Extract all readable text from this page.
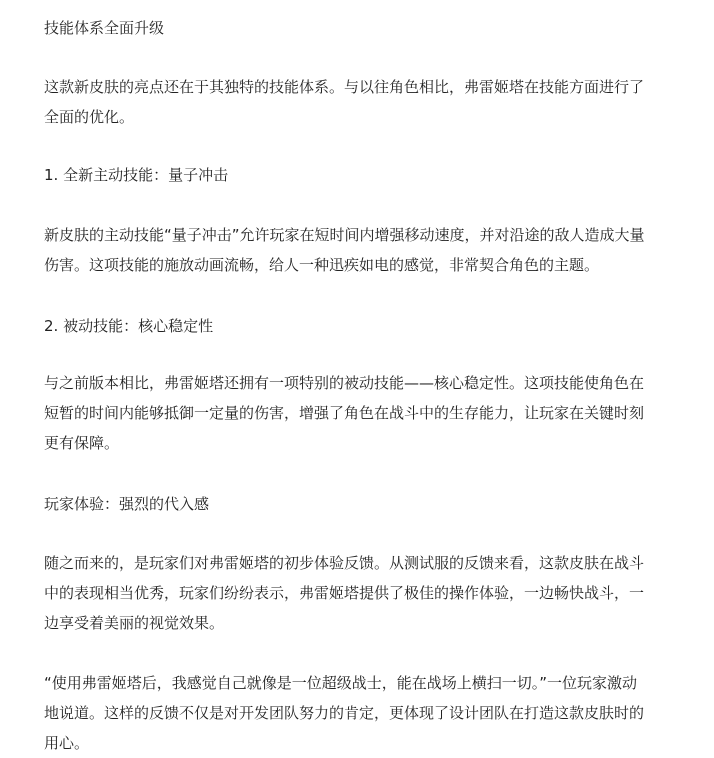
技能体系全面升级

这款新皮肤的亮点还在于其独特的技能体系。与以往角色相比，弗雷姬塔在技能方面进行了

全面的优化。

1. 全新主动技能：量子冲击

新皮肤的主动技能“量子冲击”允许玩家在短时间内增强移动速度，并对沿途的敌人造成大量

伤害。这项技能的施放动画流畅，给人一种迅疾如电的感觉，非常契合角色的主题。

2. 被动技能：核心稳定性

与之前版本相比，弗雷姬塔还拥有一项特别的被动技能——核心稳定性。这项技能使角色在

短暂的时间内能够抵御一定量的伤害，增强了角色在战斗中的生存能力，让玩家在关键时刻

更有保障。

玩家体验：强烈的代入感

随之而来的，是玩家们对弗雷姬塔的初步体验反馈。从测试服的反馈来看，这款皮肤在战斗

中的表现相当优秀，玩家们纷纷表示，弗雷姬塔提供了极佳的操作体验，一边畅快战斗，一

边享受着美丽的视觉效果。

“使用弗雷姬塔后，我感觉自己就像是一位超级战士，能在战场上横扫一切。”一位玩家激动

地说道。这样的反馈不仅是对开发团队努力的肯定，更体现了设计团队在打造这款皮肤时的

用心。
